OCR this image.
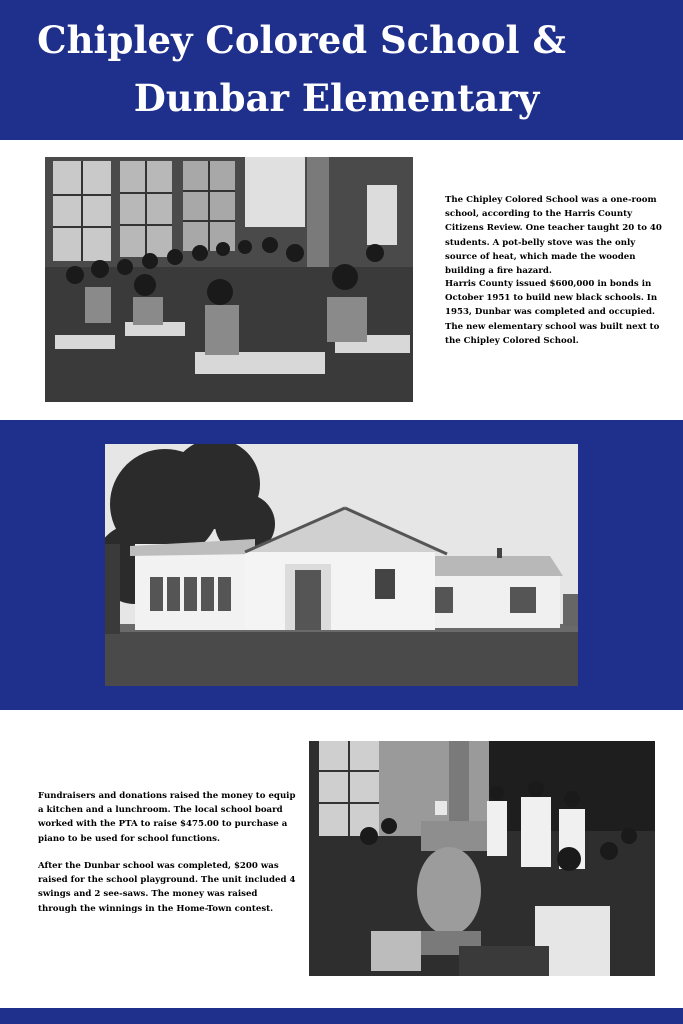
Chipley Colored School &
Dunbar Elementary

The Chipley Colored School was a one-room school, according to the Harris County Citizens Review. One teacher taught 20 to 40 students. A pot-belly stove was the only source of heat, which made the wooden building a fire hazard.

Harris County issued $600,000 in bonds in October 1951 to build new black schools. In 1953, Dunbar was completed and occupied. The new elementary school was built next to the Chipley Colored School.

Fundraisers and donations raised the money to equip a kitchen and a lunchroom. The local school board worked with the PTA to raise $475.00 to purchase a piano to be used for school functions.

After the Dunbar school was completed, $200 was raised for the school playground. The unit included 4 swings and 2 see-saws. The money was raised through the winnings in the Home-Town contest.
